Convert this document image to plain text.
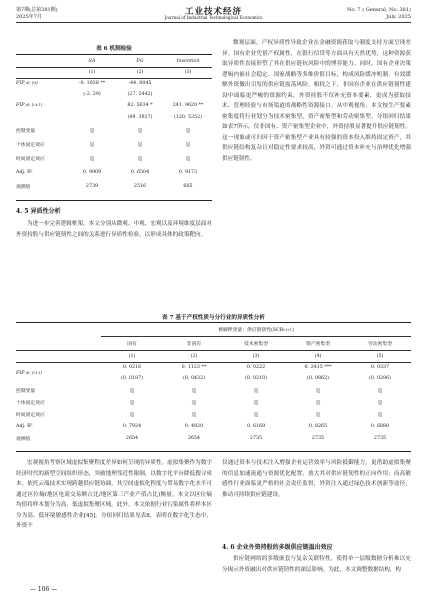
第7期(总第381期)
2025年7月	工业技术经济
Journal of Industrial Technological Economics
No. 7 ( General, No. 381)
July. 2025
表 6 机制检验
	SA	PG	Invention
	(1)	(2)	(3)
FIP_dt_{it}	-0. 1938 **	-44. 8045	
	(-2. 29)	(27. 2442)	
FIP_dt_{i,t-1}		82. 5634 *	241. 9620 **
		(49. 3927)	(120. 5352)
控制变量	是	是	是
个体固定效应	是	是	是
时间固定效应	是	是	是
Adj. R²	0. 9909	0. 6504	0. 9173
观测值	2739	2516	665
4. 5 异质性分析

为进一步完善逻辑框架，本文分别从微观、中观、宏观以及环境维度层面对外资持股与供应链韧性之间的关系进行异质性检验，以形成具体的政策靶向。

微观层面，产权异质性导致企业在金融资源获取与制度支持方面呈现差异。国有企业凭借产权属性，在银行信贷等方面具有天然优势，这种资源获取异质性直接形塑了其在供应链抗风险中的博弈能力。同时，国有企业决策逻辑内嵌社会稳定、国家战略等多维价值目标，构成风险缓冲机制，有效缓解外资撤出引发的供应链震荡风险。相较之下，非国有企业在供应链韧性建设中面临更严峻的资源约束，外资持股不仅补充资本要素，更成为获取技术、管理经验与市场渠道的战略性资源接口。从中观视角，本文按生产要素密集度将行业划分为技术密集型、资产密集型和劳动密集型。分组回归结果如表7所示，仅非国有、资产密集型企业中，外资持股显著提升供应链韧性。这一现象或可归因于资产密集型产业具有较强的资本投入维持固定资产，其供应链结构复杂且对稳定性要求较高，外资可通过资本补充与治理优化增强供应链韧性。

表 7 基于产权性质与分行业的异质性分析
	被解释变量：供应链韧性(SCRi,t+1)				
	国有	非国有	技术密集型	资产密集型	劳动密集型
	(1)	(2)	(3)	(4)	(5)
FIP_dt_{i,t-1}	0. 0216	0. 1123 **	0. 0222	0. 2415 ***	0. 0337
	(0. 0187)	(0. 0432)	(0. 0210)	(0. 0862)	(0. 0286)
控制变量	是	是	是	是	是
个体固定效应	是	是	是	是	是
时间固定效应	是	是	是	是	是
Adj. R²	0. 7924	0. 4920	0. 6169	0. 8265	0. 6880
观测值	2654	2654	2735	2735	2735

宏观视角考察区域虚拟集聚程度差异如何呈现的异质性。虚拟集聚作为数字经济时代的新型空间组织形态，突破地理邻近性限制，以数字化平台降低搜寻成本，依托云端技术实现跨越供应链协调，其空间虚拟化程度与贸易数字化水平可通过区位熵(地区电商交易额占比/地区第三产业产值占比)衡量。本文以区位熵均值将样本划分为高、低虚拟集聚区域。此外，本文依据行业污染属性将样本区分为高、低环境敏感性企业[45]。分组回归结果见表8，表明在数字化生态中，外资不

仅通过资本与技术注入增强企业运营效率与风险抵御能力，更借助虚拟集聚的信息加速流通与资源优化配置，放大其对供应链韧性的正向作用；而高敏感性行业面临更严格的社会责任监督，外资注入通过绿色技术创新等途径，推动可持续供应链建设。

4. 6 企业外资持股的多级供应链溢出效应

供应链网络的多级嵌套与复杂关联特性，使得单一层级数据分析难以充分揭示外资融出对供应链韧性的深层影响。为此，本文调整数据结构，构

— 106 —
